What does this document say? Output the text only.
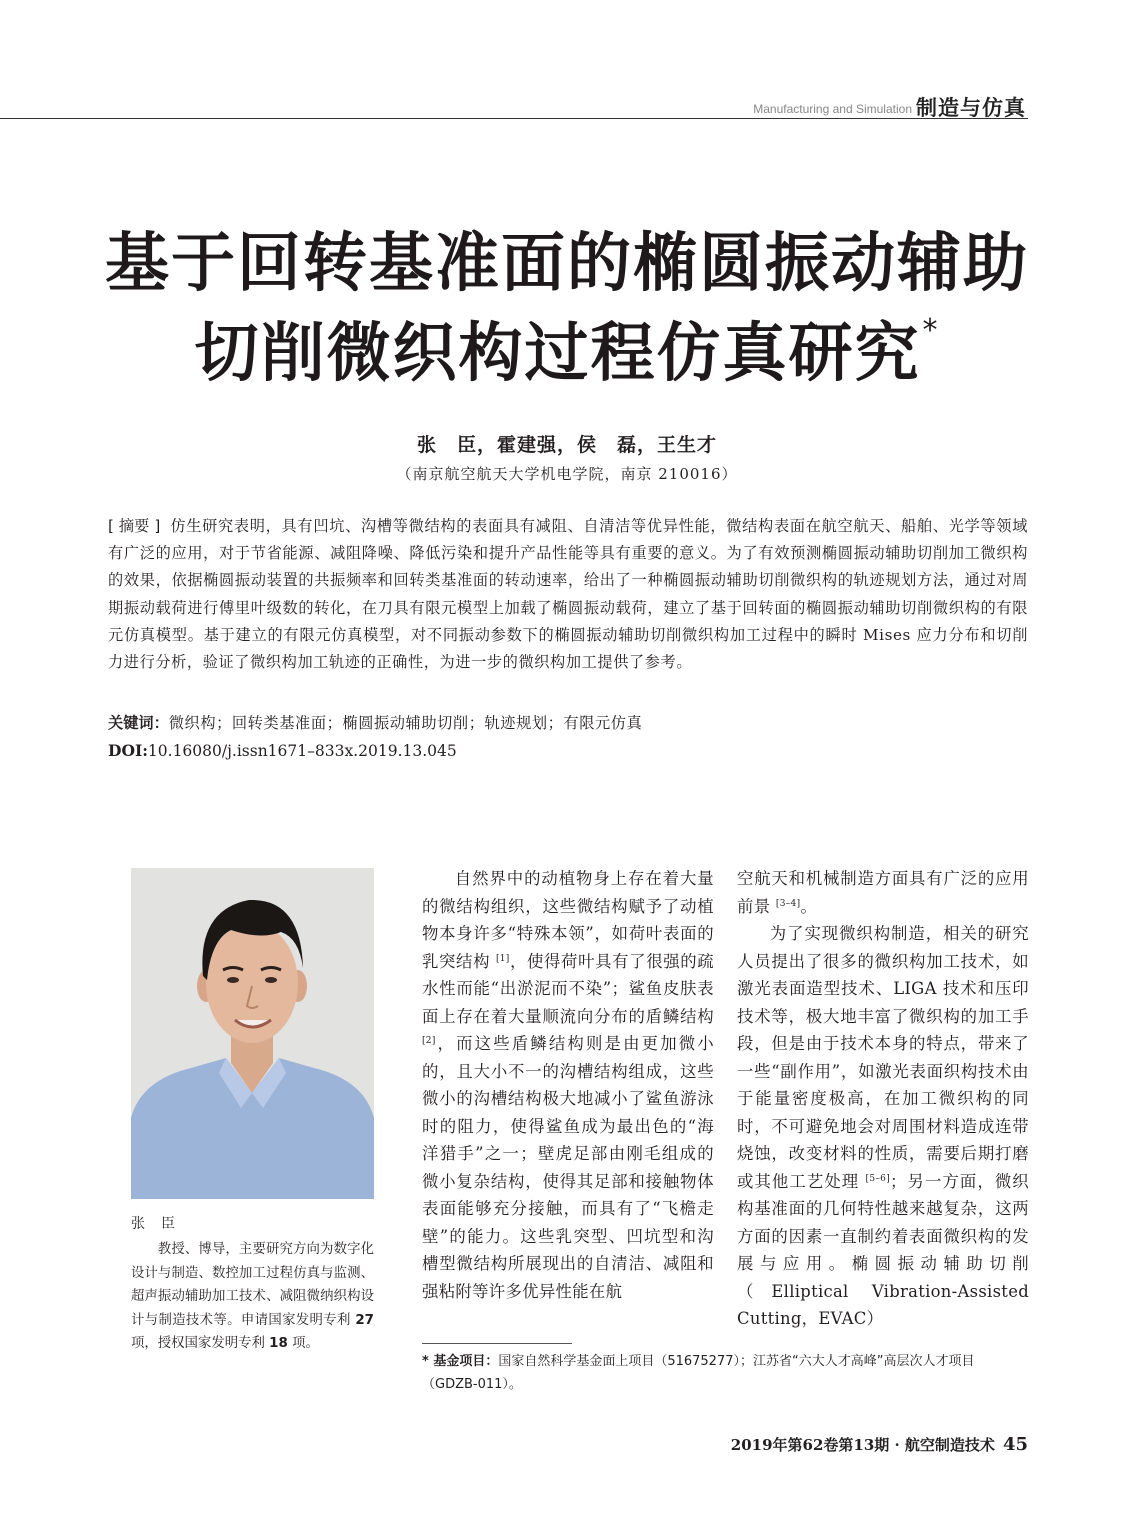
Manufacturing and Simulation 制造与仿真
基于回转基准面的椭圆振动辅助
切削微织构过程仿真研究*
张　臣，霍建强，侯　磊，王生才
（南京航空航天大学机电学院，南京 210016）
[ 摘要 ] 仿生研究表明，具有凹坑、沟槽等微结构的表面具有减阻、自清洁等优异性能，微结构表面在航空航天、船舶、光学等领域有广泛的应用，对于节省能源、减阻降噪、降低污染和提升产品性能等具有重要的意义。为了有效预测椭圆振动辅助切削加工微织构的效果，依据椭圆振动装置的共振频率和回转类基准面的转动速率，给出了一种椭圆振动辅助切削微织构的轨迹规划方法，通过对周期振动载荷进行傅里叶级数的转化，在刀具有限元模型上加载了椭圆振动载荷，建立了基于回转面的椭圆振动辅助切削微织构的有限元仿真模型。基于建立的有限元仿真模型，对不同振动参数下的椭圆振动辅助切削微织构加工过程中的瞬时 Mises 应力分布和切削力进行分析，验证了微织构加工轨迹的正确性，为进一步的微织构加工提供了参考。
关键词：微织构；回转类基准面；椭圆振动辅助切削；轨迹规划；有限元仿真
DOI:10.16080/j.issn1671–833x.2019.13.045
张　臣
教授、博导，主要研究方向为数字化设计与制造、数控加工过程仿真与监测、超声振动辅助加工技术、减阻微纳织构设计与制造技术等。申请国家发明专利 27 项，授权国家发明专利 18 项。

自然界中的动植物身上存在着大量的微结构组织，这些微结构赋予了动植物本身许多“特殊本领”，如荷叶表面的乳突结构 [1]，使得荷叶具有了很强的疏水性而能“出淤泥而不染”；鲨鱼皮肤表面上存在着大量顺流向分布的盾鳞结构 [2]，而这些盾鳞结构则是由更加微小的，且大小不一的沟槽结构组成，这些微小的沟槽结构极大地减小了鲨鱼游泳时的阻力，使得鲨鱼成为最出色的“海洋猎手”之一；壁虎足部由刚毛组成的微小复杂结构，使得其足部和接触物体表面能够充分接触，而具有了“飞檐走壁”的能力。这些乳突型、凹坑型和沟槽型微结构所展现出的自清洁、减阻和强粘附等许多优异性能在航

空航天和机械制造方面具有广泛的应用前景 [3–4]。

为了实现微织构制造，相关的研究人员提出了很多的微织构加工技术，如激光表面造型技术、LIGA 技术和压印技术等，极大地丰富了微织构的加工手段，但是由于技术本身的特点，带来了一些“副作用”，如激光表面织构技术由于能量密度极高，在加工微织构的同时，不可避免地会对周围材料造成连带烧蚀，改变材料的性质，需要后期打磨或其他工艺处理 [5–6]；另一方面，微织构基准面的几何特性越来越复杂，这两方面的因素一直制约着表面微织构的发展与应用。椭圆振动辅助切削（Elliptical Vibration-Assisted Cutting，EVAC）

* 基金项目：国家自然科学基金面上项目（51675277）；江苏省“六大人才高峰”高层次人才项目（GDZB-011）。
2019年第62卷第13期 · 航空制造技术 45
